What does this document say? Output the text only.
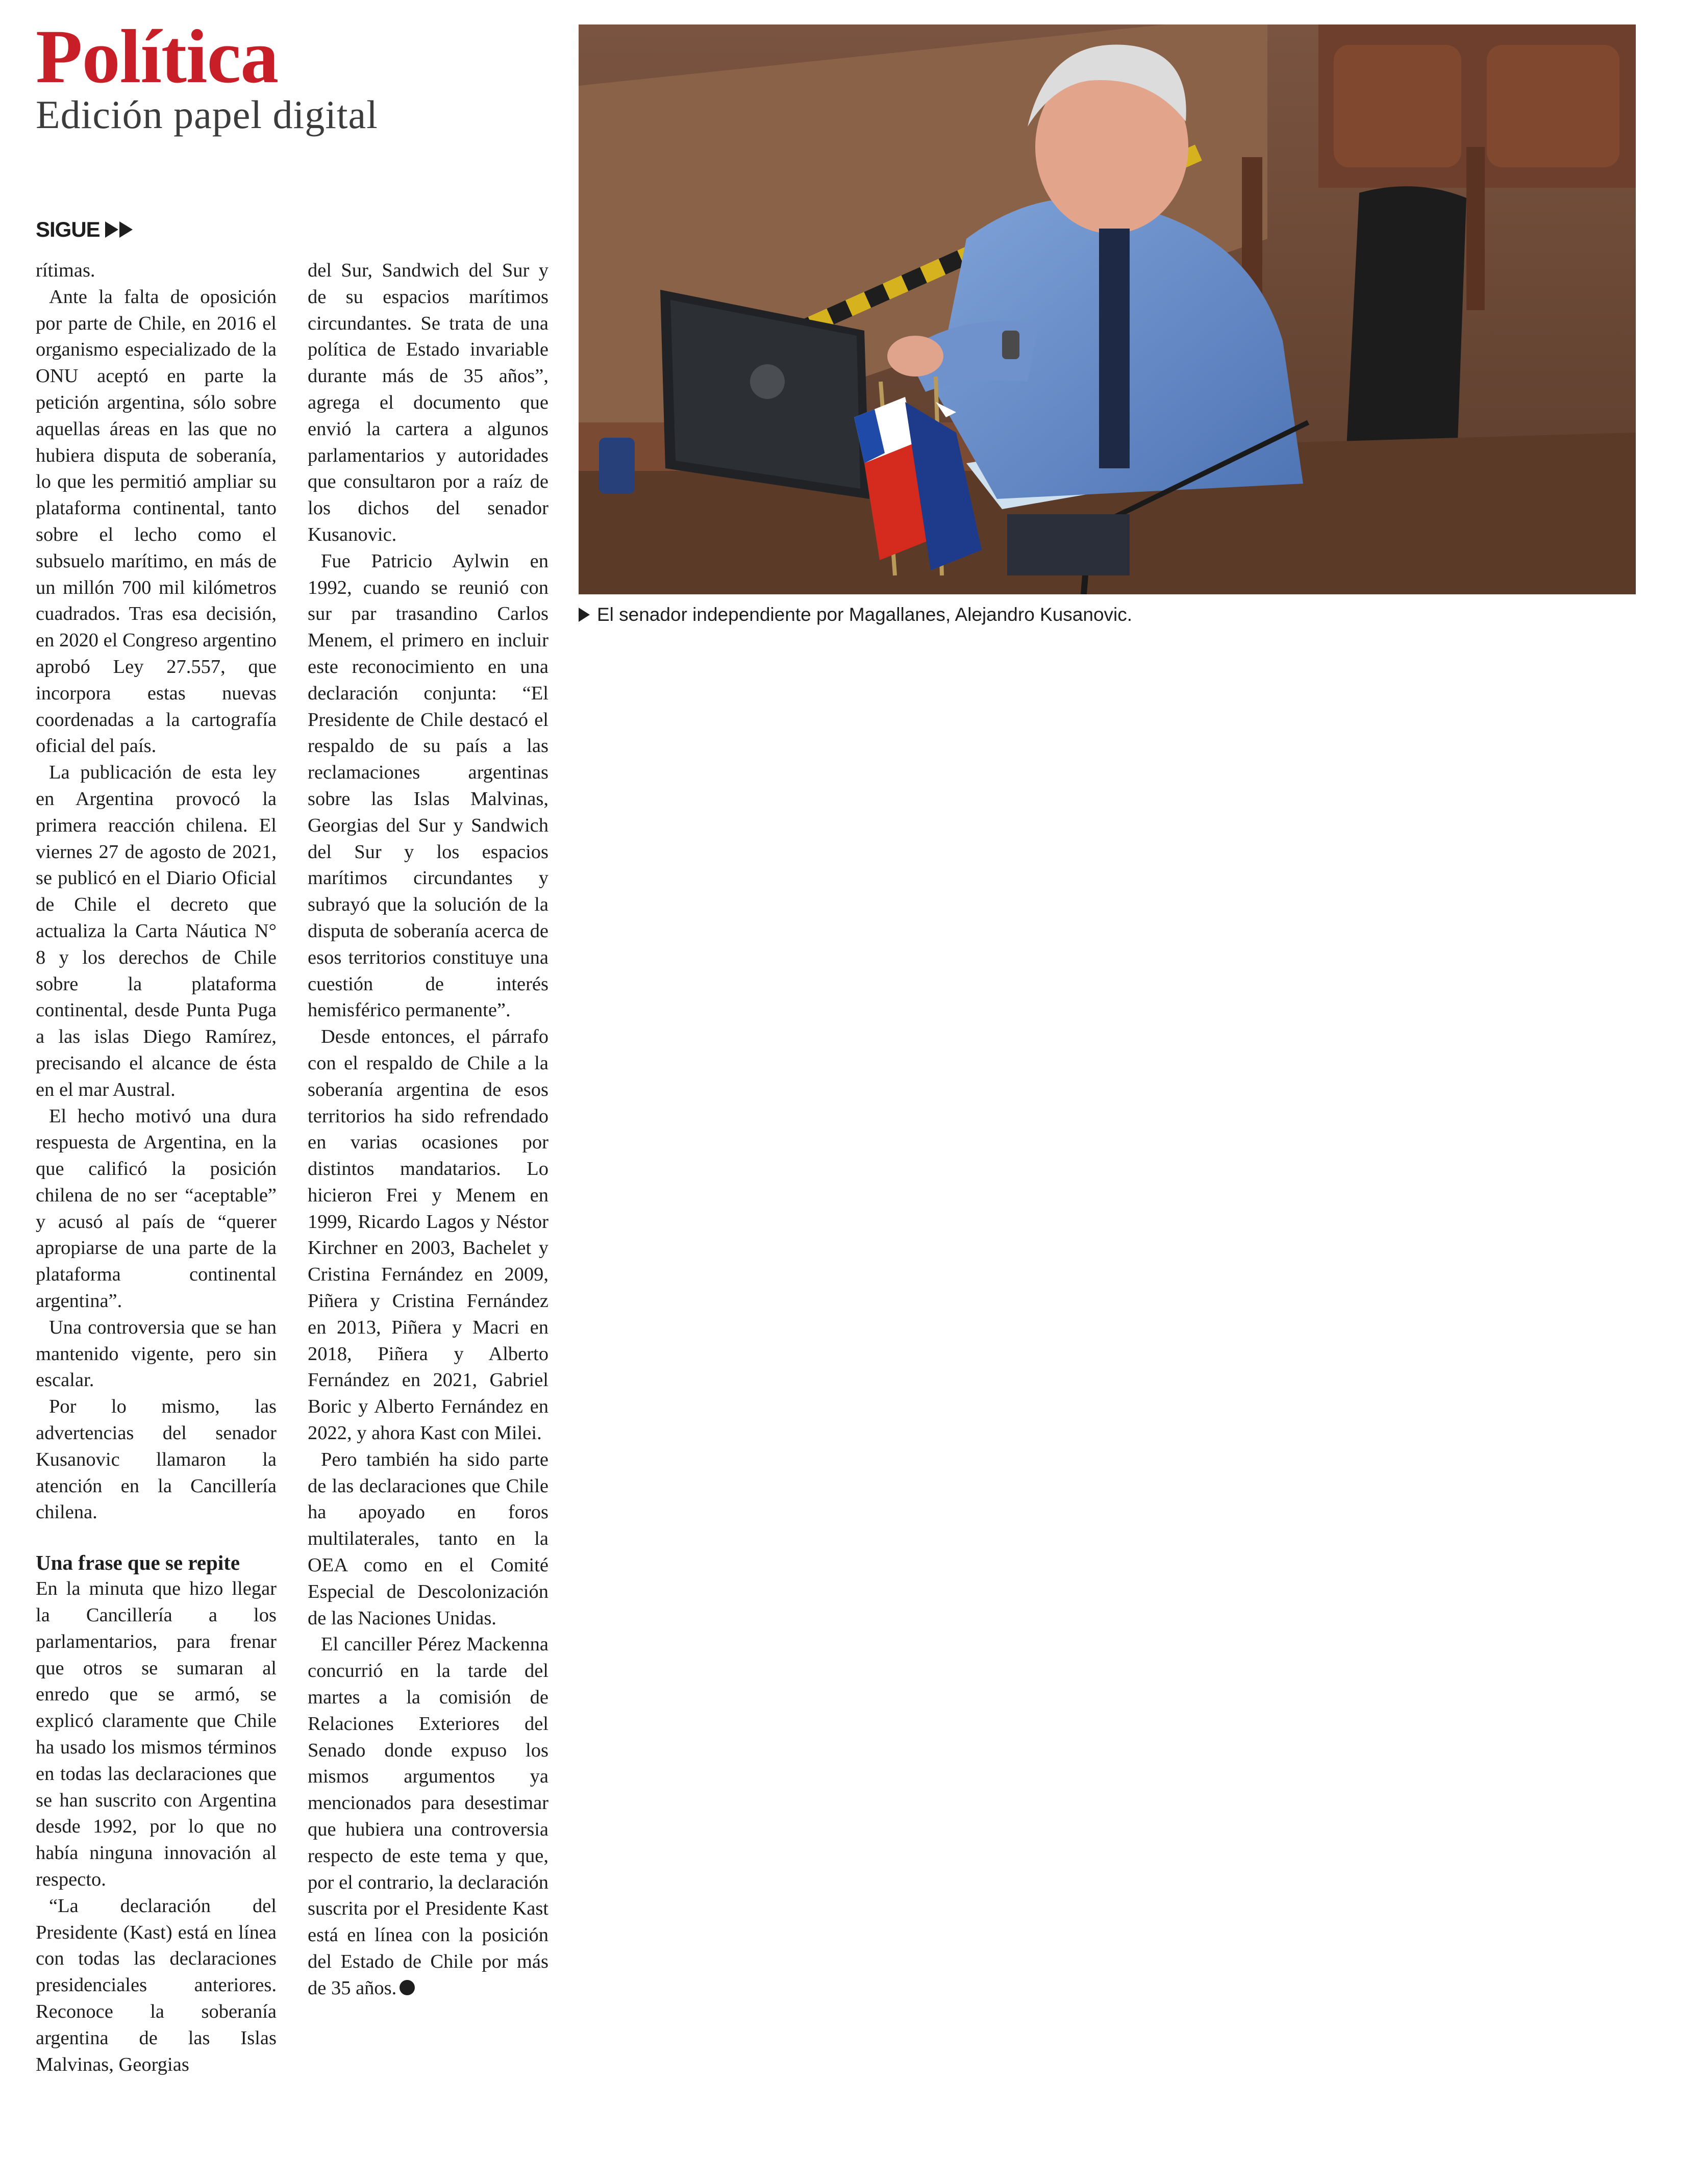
Política
Edición papel digital
SIGUE

rítimas.

Ante la falta de oposición por parte de Chile, en 2016 el organismo especializado de la ONU aceptó en parte la petición argentina, sólo sobre aquellas áreas en las que no hubiera disputa de soberanía, lo que les permitió ampliar su plataforma continental, tanto sobre el lecho como el subsuelo marítimo, en más de un millón 700 mil kilómetros cuadrados. Tras esa decisión, en 2020 el Congreso argentino aprobó Ley 27.557, que incorpora estas nuevas coordenadas a la cartografía oficial del país.

La publicación de esta ley en Argentina provocó la primera reacción chilena. El viernes 27 de agosto de 2021, se publicó en el Diario Oficial de Chile el decreto que actualiza la Carta Náutica N° 8 y los derechos de Chile sobre la plataforma continental, desde Punta Puga a las islas Diego Ramírez, precisando el alcance de ésta en el mar Austral.

El hecho motivó una dura respuesta de Argentina, en la que calificó la posición chilena de no ser “aceptable” y acusó al país de “querer apropiarse de una parte de la plataforma continental argentina”.

Una controversia que se han mantenido vigente, pero sin escalar.

Por lo mismo, las advertencias del senador Kusanovic llamaron la atención en la Cancillería chilena.

Una frase que se repite

En la minuta que hizo llegar la Cancillería a los parlamentarios, para frenar que otros se sumaran al enredo que se armó, se explicó claramente que Chile ha usado los mismos términos en todas las declaraciones que se han suscrito con Argentina desde 1992, por lo que no había ninguna innovación al respecto.

“La declaración del Presidente (Kast) está en línea con todas las declaraciones presidenciales anteriores. Reconoce la soberanía argentina de las Islas Malvinas, Georgias

del Sur, Sandwich del Sur y de su espacios marítimos circundantes. Se trata de una política de Estado invariable durante más de 35 años”, agrega el documento que envió la cartera a algunos parlamentarios y autoridades que consultaron por a raíz de los dichos del senador Kusanovic.

Fue Patricio Aylwin en 1992, cuando se reunió con sur par trasandino Carlos Menem, el primero en incluir este reconocimiento en una declaración conjunta: “El Presidente de Chile destacó el respaldo de su país a las reclamaciones argentinas sobre las Islas Malvinas, Georgias del Sur y Sandwich del Sur y los espacios marítimos circundantes y subrayó que la solución de la disputa de soberanía acerca de esos territorios constituye una cuestión de interés hemisférico permanente”.

Desde entonces, el párrafo con el respaldo de Chile a la soberanía argentina de esos territorios ha sido refrendado en varias ocasiones por distintos mandatarios. Lo hicieron Frei y Menem en 1999, Ricardo Lagos y Néstor Kirchner en 2003, Bachelet y Cristina Fernández en 2009, Piñera y Cristina Fernández en 2013, Piñera y Macri en 2018, Piñera y Alberto Fernández en 2021, Gabriel Boric y Alberto Fernández en 2022, y ahora Kast con Milei.

Pero también ha sido parte de las declaraciones que Chile ha apoyado en foros multilaterales, tanto en la OEA como en el Comité Especial de Descolonización de las Naciones Unidas.

El canciller Pérez Mackenna concurrió en la tarde del martes a la comisión de Relaciones Exteriores del Senado donde expuso los mismos argumentos ya mencionados para desestimar que hubiera una controversia respecto de este tema y que, por el contrario, la declaración suscrita por el Presidente Kast está en línea con la posición del Estado de Chile por más de 35 años.

El senador independiente por Magallanes, Alejandro Kusanovic.
